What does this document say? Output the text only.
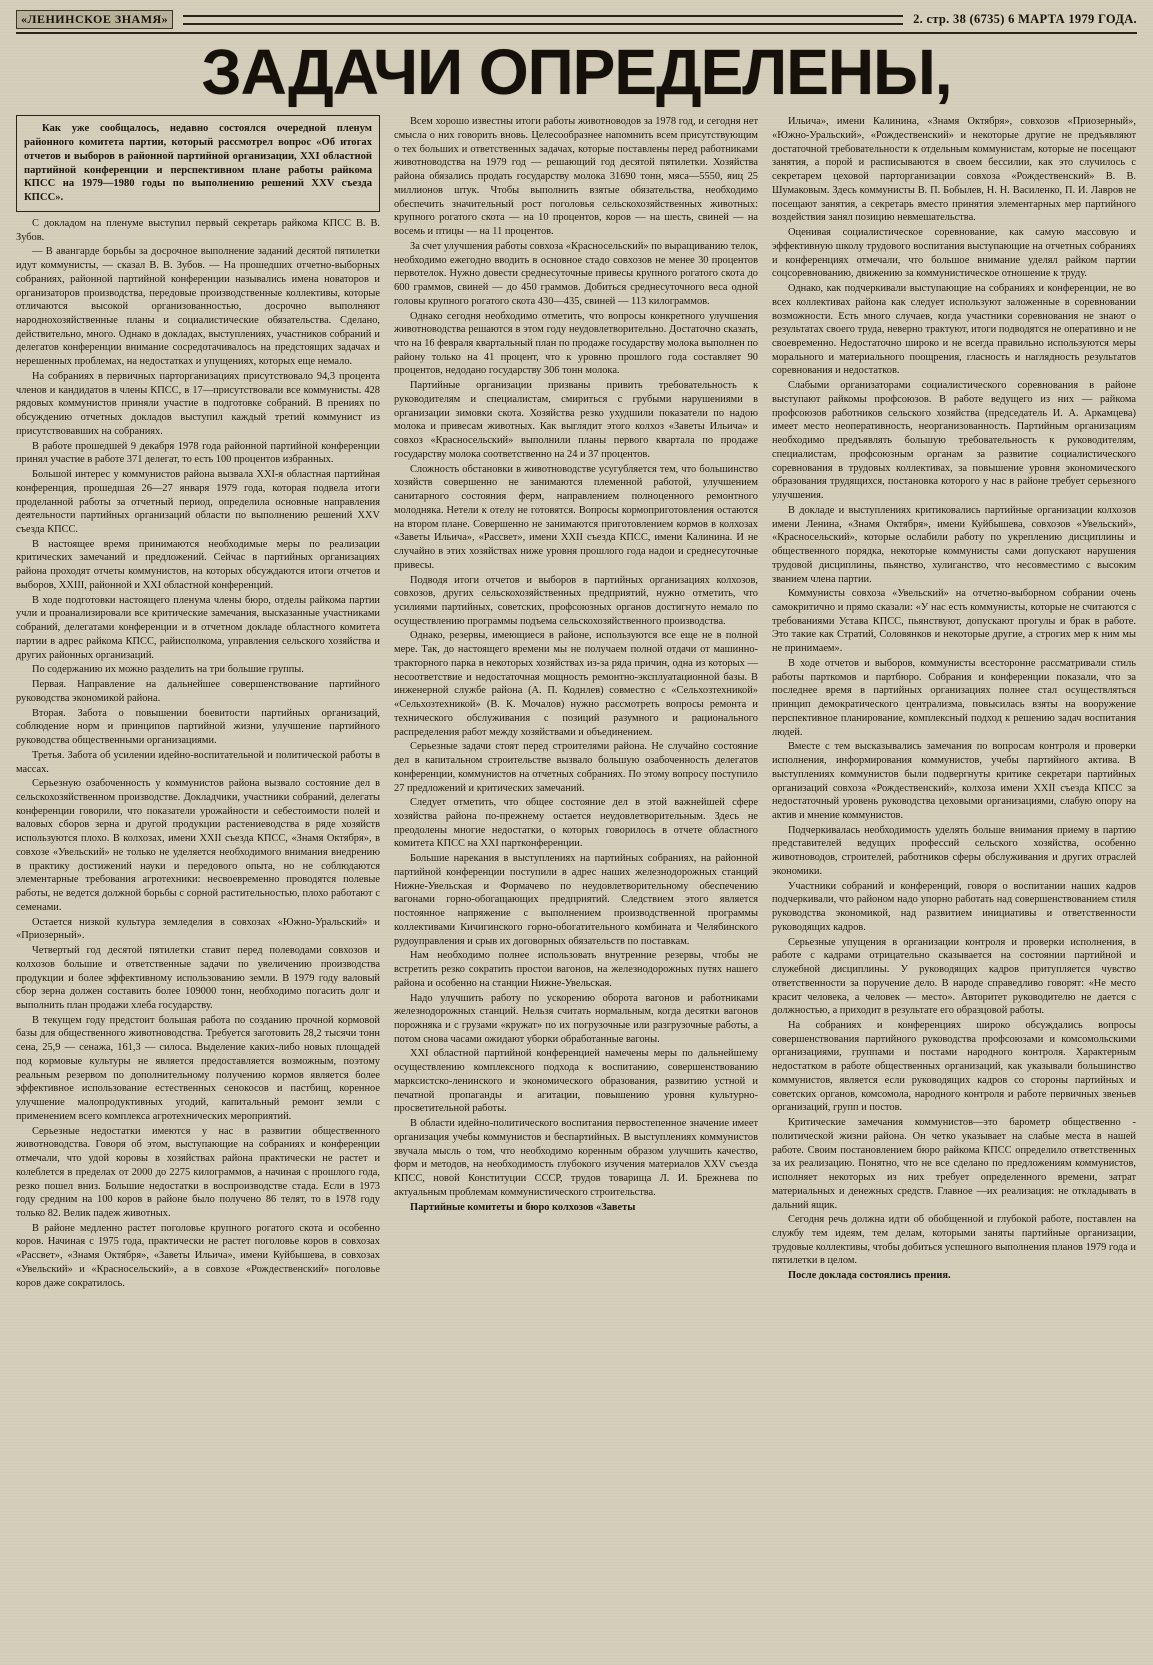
«ЛЕНИНСКОЕ ЗНАМЯ»	2. стр. 38 (6735) 6 МАРТА 1979 ГОДА.
ЗАДАЧИ ОПРЕДЕЛЕНЫ,

Как уже сообщалось, недавно состоялся очередной пленум районного комитета партии, который рассмотрел вопрос «Об итогах отчетов и выборов в районной партийной организации, XXI областной партийной конференции и перспективном плане работы райкома КПСС на 1979—1980 годы по выполнению решений XXV съезда КПСС».

С докладом на пленуме выступил первый секретарь райкома КПСС В. В. Зубов.

— В авангарде борьбы за досрочное выполнение заданий десятой пятилетки идут коммунисты, — сказал В. В. Зубов. — На прошедших отчетно-выборных собраниях, районной партийной конференции назывались имена новаторов и организаторов производства, передовые производственные коллективы, которые отличаются высокой организованностью, досрочно выполняют народнохозяйственные планы и социалистические обязательства. Сделано, действительно, много. Однако в докладах, выступлениях, участников собраний и делегатов конференции внимание сосредотачивалось на предстоящих задачах и нерешенных проблемах, на недостатках и упущениях, которых еще немало.

На собраниях в первичных парторганизациях присутствовало 94,3 процента членов и кандидатов в члены КПСС, в 17—присутствовали все коммунисты. 428 рядовых коммунистов приняли участие в подготовке собраний. В прениях по обсуждению отчетных докладов выступил каждый третий коммунист из присутствовавших на собраниях.

В работе прошедшей 9 декабря 1978 года районной партийной конференции принял участие в работе 371 делегат, то есть 100 процентов избранных.

Большой интерес у коммунистов района вызвала XXI-я областная партийная конференция, прошедшая 26—27 января 1979 года, которая подвела итоги проделанной работы за отчетный период, определила основные направления деятельности партийных организаций области по выполнению решений XXV съезда КПСС.

В настоящее время принимаются необходимые меры по реализации критических замечаний и предложений. Сейчас в партийных организациях района проходят отчеты коммунистов, на которых обсуждаются итоги отчетов и выборов, XXIII, районной и XXI областной конференций.

В ходе подготовки настоящего пленума члены бюро, отделы райкома партии учли и проанализировали все критические замечания, высказанные участниками собраний, делегатами конференции и в отчетном докладе областного комитета партии в адрес райкома КПСС, райисполкома, управления сельского хозяйства и других районных организаций.

По содержанию их можно разделить на три большие группы.

Первая. Направление на дальнейшее совершенствование партийного руководства экономикой района.

Вторая. Забота о повышении боевитости партийных организаций, соблюдение норм и принципов партийной жизни, улучшение партийного руководства общественными организациями.

Третья. Забота об усилении идейно-воспитательной и политической работы в массах.

Серьезную озабоченность у коммунистов района вызвало состояние дел в сельскохозяйственном производстве. Докладчики, участники собраний, делегаты конференции говорили, что показатели урожайности и себестоимости полей и валовых сборов зерна и другой продукции растениеводства в ряде хозяйств используются плохо. В колхозах, имени XXII съезда КПСС, «Знамя Октября», в совхозе «Увельский» не только не уделяется необходимого внимания внедрению в практику достижений науки и передового опыта, но не соблюдаются элементарные требования агротехники: несвоевременно проводятся полевые работы, не ведется должной борьбы с сорной растительностью, плохо работают с семенами.

Остается низкой культура земледелия в совхозах «Южно-Уральский» и «Приозерный».

Четвертый год десятой пятилетки ставит перед полеводами совхозов и колхозов большие и ответственные задачи по увеличению производства продукции и более эффективному использованию земли. В 1979 году валовый сбор зерна должен составить более 109000 тонн, необходимо погасить долг и выполнить план продажи хлеба государству.

В текущем году предстоит большая работа по созданию прочной кормовой базы для общественного животноводства. Требуется заготовить 28,2 тысячи тонн сена, 25,9 — сенажа, 161,3 — силоса. Выделение каких-либо новых площадей под кормовые культуры не является предоставляется возможным, поэтому реальным резервом по дополнительному получению кормов является более эффективное использование естественных сенокосов и пастбищ, коренное улучшение малопродуктивных угодий, капитальный ремонт земли с применением всего комплекса агротехнических мероприятий.

Серьезные недостатки имеются у нас в развитии общественного животноводства. Говоря об этом, выступающие на собраниях и конференции отмечали, что удой коровы в хозяйствах района практически не растет и колеблется в пределах от 2000 до 2275 килограммов, а начиная с прошлого года, резко пошел вниз. Большие недостатки в воспроизводстве стада. Если в 1973 году средним на 100 коров в районе было получено 86 телят, то в 1978 году только 82. Велик падеж животных.

В районе медленно растет поголовье крупного рогатого скота и особенно коров. Начиная с 1975 года, практически не растет поголовье коров в совхозах «Рассвет», «Знамя Октября», «Заветы Ильича», имени Куйбышева, в совхозах «Увельский» и «Красносельский», а в совхозе «Рождественский» поголовье коров даже сократилось.

Всем хорошо известны итоги работы животноводов за 1978 год, и сегодня нет смысла о них говорить вновь. Целесообразнее напомнить всем присутствующим о тех больших и ответственных задачах, которые поставлены перед работниками животноводства на 1979 год — решающий год десятой пятилетки. Хозяйства района обязались продать государству молока 31690 тонн, мяса—5550, яиц 25 миллионов штук. Чтобы выполнить взятые обязательства, необходимо обеспечить значительный рост поголовья сельскохозяйственных животных: крупного рогатого скота — на 10 процентов, коров — на шесть, свиней — на восемь и птицы — на 11 процентов.

За счет улучшения работы совхоза «Красносельский» по выращиванию телок, необходимо ежегодно вводить в основное стадо совхозов не менее 30 процентов первотелок. Нужно довести среднесуточные привесы крупного рогатого скота до 600 граммов, свиней — до 450 граммов. Добиться среднесуточного веса одной головы крупного рогатого скота 430—435, свиней — 113 килограммов.

Однако сегодня необходимо отметить, что вопросы конкретного улучшения животноводства решаются в этом году неудовлетворительно. Достаточно сказать, что на 16 февраля квартальный план по продаже государству молока выполнен по району только на 41 процент, что к уровню прошлого года составляет 90 процентов, недодано государству 306 тонн молока.

Партийные организации призваны привить требовательность к руководителям и специалистам, смириться с грубыми нарушениями в организации зимовки скота. Хозяйства резко ухудшили показатели по надою молока и привесам животных. Как выглядит этого колхоз «Заветы Ильича» и совхоз «Красносельский» выполнили планы первого квартала по продаже государству молока соответственно на 24 и 37 процентов.

Сложность обстановки в животноводстве усугубляется тем, что большинство хозяйств совершенно не занимаются племенной работой, улучшением санитарного состояния ферм, направлением полноценного ремонтного молодняка. Нетели к отелу не готовятся. Вопросы кормоприготовления остаются на втором плане. Совершенно не занимаются приготовлением кормов в колхозах «Заветы Ильича», «Рассвет», имени XXII съезда КПСС, имени Калинина. И не случайно в этих хозяйствах ниже уровня прошлого года надои и среднесуточные привесы.

Подводя итоги отчетов и выборов в партийных организациях колхозов, совхозов, других сельскохозяйственных предприятий, нужно отметить, что усилиями партийных, советских, профсоюзных органов достигнуто немало по осуществлению программы подъема сельскохозяйственного производства.

Однако, резервы, имеющиеся в районе, используются все еще не в полной мере. Так, до настоящего времени мы не получаем полной отдачи от машинно-тракторного парка в некоторых хозяйствах из-за ряда причин, одна из которых — несоответствие и недостаточная мощность ремонтно-эксплуатационной базы. В инженерной службе района (А. П. Коднлев) совместно с «Сельхозтехникой» «Сельхозтехникой» (В. К. Мочалов) нужно рассмотреть вопросы ремонта и технического обслуживания с позиций разумного и рационального распределения работ между хозяйствами и объединением.

Серьезные задачи стоят перед строителями района. Не случайно состояние дел в капитальном строительстве вызвало большую озабоченность делегатов конференции, коммунистов на отчетных собраниях. По этому вопросу поступило 27 предложений и критических замечаний.

Следует отметить, что общее состояние дел в этой важнейшей сфере хозяйства района по-прежнему остается неудовлетворительным. Здесь не преодолены многие недостатки, о которых говорилось в отчете областного комитета КПСС на XXI партконференции.

Большие нарекания в выступлениях на партийных собраниях, на районной партийной конференции поступили в адрес наших железнодорожных станций Нижне-Увельская и Формачево по неудовлетворительному обеспечению вагонами горно-обогащающих предприятий. Следствием этого является постоянное напряжение с выполнением производственной программы коллективами Кичигинского горно-обогатительного комбината и Челябинского рудоуправления и срыв их договорных обязательств по поставкам.

Нам необходимо полнее использовать внутренние резервы, чтобы не встретить резко сократить простои вагонов, на железнодорожных путях нашего района и особенно на станции Нижне-Увельская.

Надо улучшить работу по ускорению оборота вагонов и работниками железнодорожных станций. Нельзя считать нормальным, когда десятки вагонов порожняка и с грузами «кружат» по их погрузочные или разгрузочные работы, а потом снова часами ожидают уборки обработанные вагоны.

XXI областной партийной конференцией намечены меры по дальнейшему осуществлению комплексного подхода к воспитанию, совершенствованию марксистско-ленинского и экономического образования, развитию устной и печатной пропаганды и агитации, повышению уровня культурно-просветительной работы.

В области идейно-политического воспитания первостепенное значение имеет организация учебы коммунистов и беспартийных. В выступлениях коммунистов звучала мысль о том, что необходимо коренным образом улучшить качество, форм и методов, на необходимость глубокого изучения материалов XXV съезда КПСС, новой Конституции СССР, трудов товарища Л. И. Брежнева по актуальным проблемам коммунистического строительства.

Партийные комитеты и бюро колхозов «Заветы

Ильича», имени Калинина, «Знамя Октября», совхозов «Приозерный», «Южно-Уральский», «Рождественский» и некоторые другие не предъявляют достаточной требовательности к отдельным коммунистам, которые не посещают занятия, а порой и расписываются в своем бессилии, как это случилось с секретарем цеховой парторганизации совхоза «Рождественский» В. В. Шумаковым. Здесь коммунисты В. П. Бобылев, Н. Н. Василенко, П. И. Лавров не посещают занятия, а секретарь вместо принятия элементарных мер партийного воздействия занял позицию невмешательства.

Оценивая социалистическое соревнование, как самую массовую и эффективную школу трудового воспитания выступающие на отчетных собраниях и конференциях отмечали, что большое внимание уделял райком партии соцсоревнованию, движению за коммунистическое отношение к труду.

Однако, как подчеркивали выступающие на собраниях и конференции, не во всех коллективах района как следует используют заложенные в соревновании возможности. Есть много случаев, когда участники соревнования не знают о результатах своего труда, неверно трактуют, итоги подводятся не оперативно и не своевременно. Недостаточно широко и не всегда правильно используются меры морального и материального поощрения, гласность и наглядность результатов соревнования и недостатков.

Слабыми организаторами социалистического соревнования в районе выступают райкомы профсоюзов. В работе ведущего из них — райкома профсоюзов работников сельского хозяйства (председатель И. А. Аркамцева) имеет место неоперативность, неорганизованность. Партийным организациям необходимо предъявлять большую требовательность к руководителям, специалистам, профсоюзным органам за развитие социалистического соревнования в трудовых коллективах, за повышение уровня экономического образования трудящихся, постановка которого у нас в районе требует серьезного улучшения.

В докладе и выступлениях критиковались партийные организации колхозов имени Ленина, «Знамя Октября», имени Куйбышева, совхозов «Увельский», «Красносельский», которые ослабили работу по укреплению дисциплины и общественного порядка, некоторые коммунисты сами допускают нарушения трудовой дисциплины, пьянство, хулиганство, что несовместимо с высоким званием члена партии.

Коммунисты совхоза «Увельский» на отчетно-выборном собрании очень самокритично и прямо сказали: «У нас есть коммунисты, которые не считаются с требованиями Устава КПСС, пьянствуют, допускают прогулы и брак в работе. Это такие как Стратий, Соловянков и некоторые другие, а строгих мер к ним мы не принимаем».

В ходе отчетов и выборов, коммунисты всесторонне рассматривали стиль работы парткомов и партбюро. Собрания и конференции показали, что за последнее время в партийных организациях полнее стал осуществляться принцип демократического централизма, повысилась взяты на вооружение перспективное планирование, комплексный подход к решению задач воспитания людей.

Вместе с тем высказывались замечания по вопросам контроля и проверки исполнения, информирования коммунистов, учебы партийного актива. В выступлениях коммунистов были подвергнуты критике секретари партийных организаций совхоза «Рождественский», колхоза имени XXII съезда КПСС за недостаточный уровень руководства цеховыми организациями, слабую опору на актив и мнение коммунистов.

Подчеркивалась необходимость уделять больше внимания приему в партию представителей ведущих профессий сельского хозяйства, особенно животноводов, строителей, работников сферы обслуживания и других отраслей экономики.

Участники собраний и конференций, говоря о воспитании наших кадров подчеркивали, что районом надо упорно работать над совершенствованием стиля руководства экономикой, над развитием инициативы и ответственности руководящих кадров.

Серьезные упущения в организации контроля и проверки исполнения, в работе с кадрами отрицательно сказывается на состоянии партийной и служебной дисциплины. У руководящих кадров притупляется чувство ответственности за поручение дело. В народе справедливо говорят: «Не место красит человека, а человек — место». Авторитет руководителю не дается с должностью, а приходит в результате его образцовой работы.

На собраниях и конференциях широко обсуждались вопросы совершенствования партийного руководства профсоюзами и комсомольскими организациями, группами и постами народного контроля. Характерным недостатком в работе общественных организаций, как указывали большинство коммунистов, является если руководящих кадров со стороны партийных и советских органов, комсомола, народного контроля и работе первичных звеньев организаций, групп и постов.

Критические замечания коммунистов—это барометр общественно - политической жизни района. Он четко указывает на слабые места в нашей работе. Своим постановлением бюро райкома КПСС определило ответственных за их реализацию. Понятно, что не все сделано по предложениям коммунистов, исполняет некоторых из них требует определенного времени, затрат материальных и денежных средств. Главное —их реализация: не откладывать в дальний ящик.

Сегодня речь должна идти об обобщенной и глубокой работе, поставлен на службу тем идеям, тем делам, которыми заняты партийные организации, трудовые коллективы, чтобы добиться успешного выполнения планов 1979 года и пятилетки в целом.

После доклада состоялись прения.
